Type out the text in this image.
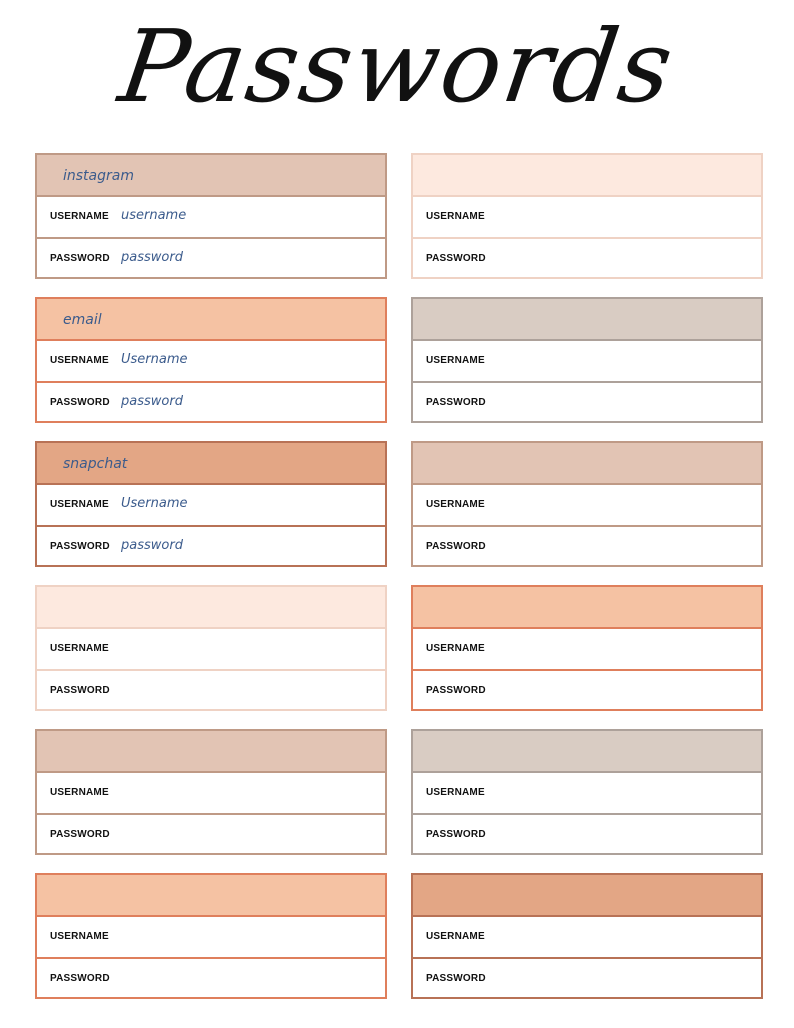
Passwords
instagram
USERNAME username
PASSWORD password
USERNAME
PASSWORD
email
USERNAME Username
PASSWORD password
USERNAME
PASSWORD
snapchat
USERNAME Username
PASSWORD password
USERNAME
PASSWORD
USERNAME
PASSWORD
USERNAME
PASSWORD
USERNAME
PASSWORD
USERNAME
PASSWORD
USERNAME
PASSWORD
USERNAME
PASSWORD
